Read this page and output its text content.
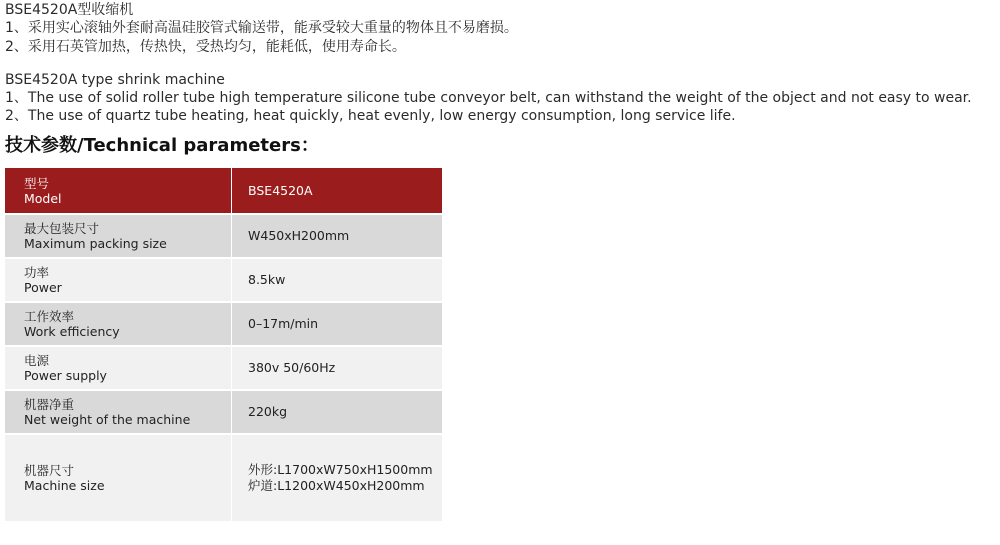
BSE4520A型收缩机
1、采用实心滚轴外套耐高温硅胶管式输送带，能承受较大重量的物体且不易磨损。
2、采用石英管加热，传热快，受热均匀，能耗低，使用寿命长。
BSE4520A type shrink machine
1、The use of solid roller tube high temperature silicone tube conveyor belt, can withstand the weight of the object and not easy to wear.
2、The use of quartz tube heating, heat quickly, heat evenly, low energy consumption, long service life.
技术参数/Technical parameters：
型号
Model		BSE4520A

最大包装尺寸
Maximum packing size		W450xH200mm

功率
Power		8.5kw

工作效率
Work efficiency		0–17m/min

电源
Power supply		380v 50/60Hz

机器净重
Net weight of the machine		220kg

机器尺寸
Machine size		外形:L1700xW750xH1500mm
炉道:L1200xW450xH200mm
